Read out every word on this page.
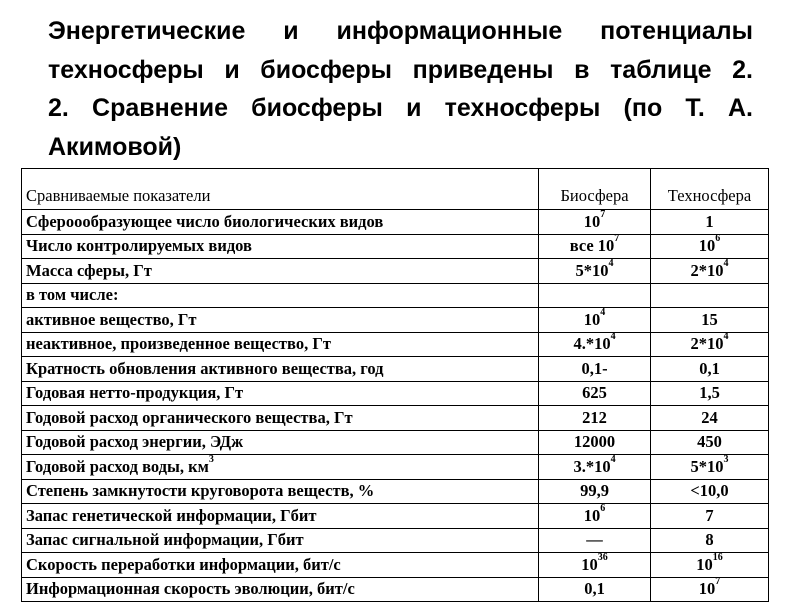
Энергетические и информационные потенциалы
техносферы и биосферы приведены в таблице 2.
2. Сравнение биосферы и техносферы (по Т. А.
Акимовой)
Сравниваемые показатели	Биосфера	Техносфера
Сфероообразующее число биологических видов	$10^7$	1
Число контролируемых видов	все $10^7$	$10^6$
Масса сферы, Гт	$5*10^4$	$2*10^4$
в том числе:		
активное вещество, Гт	$10^4$	15
неактивное, произведенное вещество, Гт	$4.*10^4$	$2*10^4$
Кратность обновления активного вещества, год	0,1-	0,1
Годовая нетто-продукция, Гт	625	1,5
Годовой расход органического вещества, Гт	212	24
Годовой расход энергии, ЭДж	12000	450
Годовой расход воды, $км^3$	$3.*10^4$	$5*10^3$
Степень замкнутости круговорота веществ, %	99,9	<10,0
Запас генетической информации, Гбит	$10^6$	7
Запас сигнальной информации, Гбит	—	8
Скорость переработки информации, бит/с	$10^{36}$	$10^{16}$
Информационная скорость эволюции, бит/с	0,1	$10^7$
